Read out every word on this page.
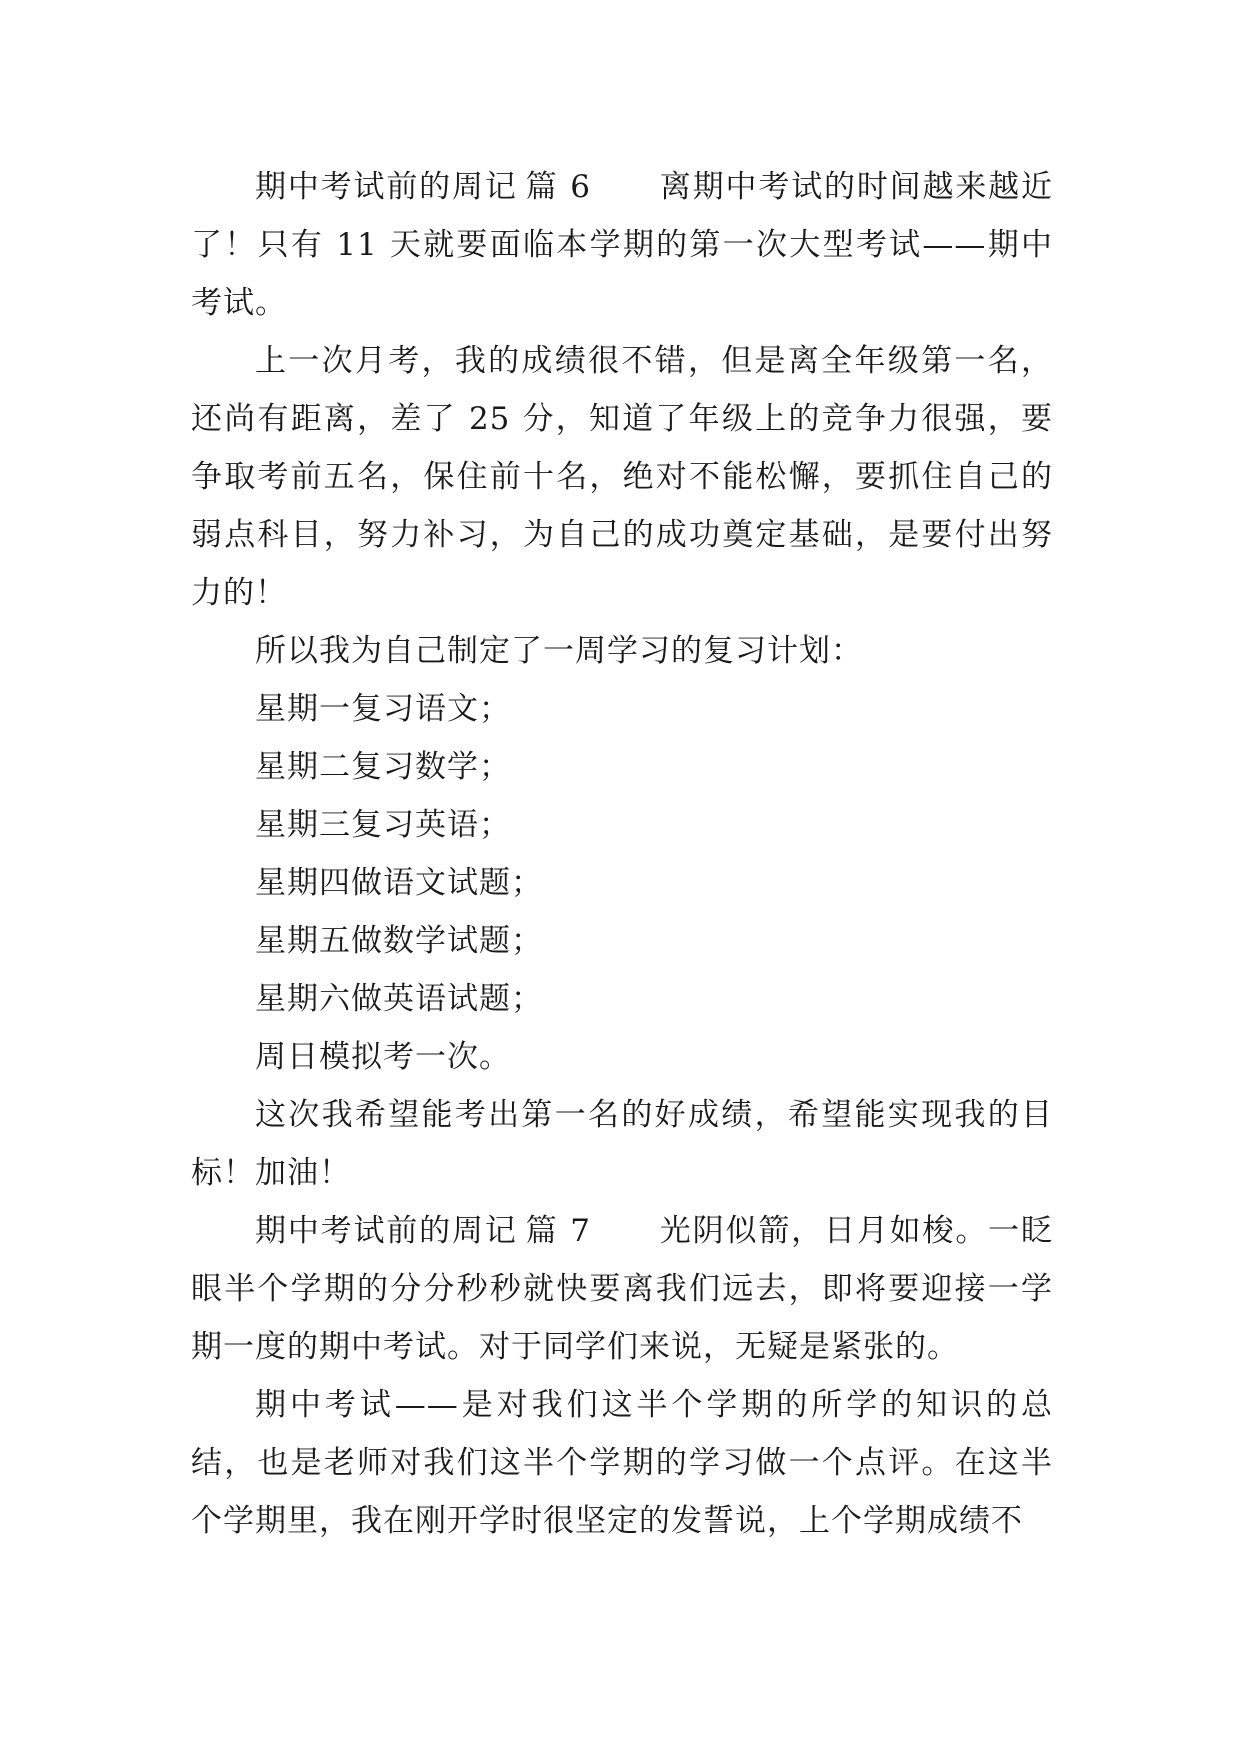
期中考试前的周记 篇 6 离期中考试的时间越来越近了！只有 11 天就要面临本学期的第一次大型考试——期中考试。

上一次月考，我的成绩很不错，但是离全年级第一名，还尚有距离，差了 25 分，知道了年级上的竞争力很强，要争取考前五名，保住前十名，绝对不能松懈，要抓住自己的弱点科目，努力补习，为自己的成功奠定基础，是要付出努力的！

所以我为自己制定了一周学习的复习计划：

星期一复习语文；

星期二复习数学；

星期三复习英语；

星期四做语文试题；

星期五做数学试题；

星期六做英语试题；

周日模拟考一次。

这次我希望能考出第一名的好成绩，希望能实现我的目标！加油！

期中考试前的周记 篇 7 光阴似箭，日月如梭。一眨眼半个学期的分分秒秒就快要离我们远去，即将要迎接一学期一度的期中考试。对于同学们来说，无疑是紧张的。

期中考试——是对我们这半个学期的所学的知识的总结，也是老师对我们这半个学期的学习做一个点评。在这半个学期里，我在刚开学时很坚定的发誓说，上个学期成绩不
